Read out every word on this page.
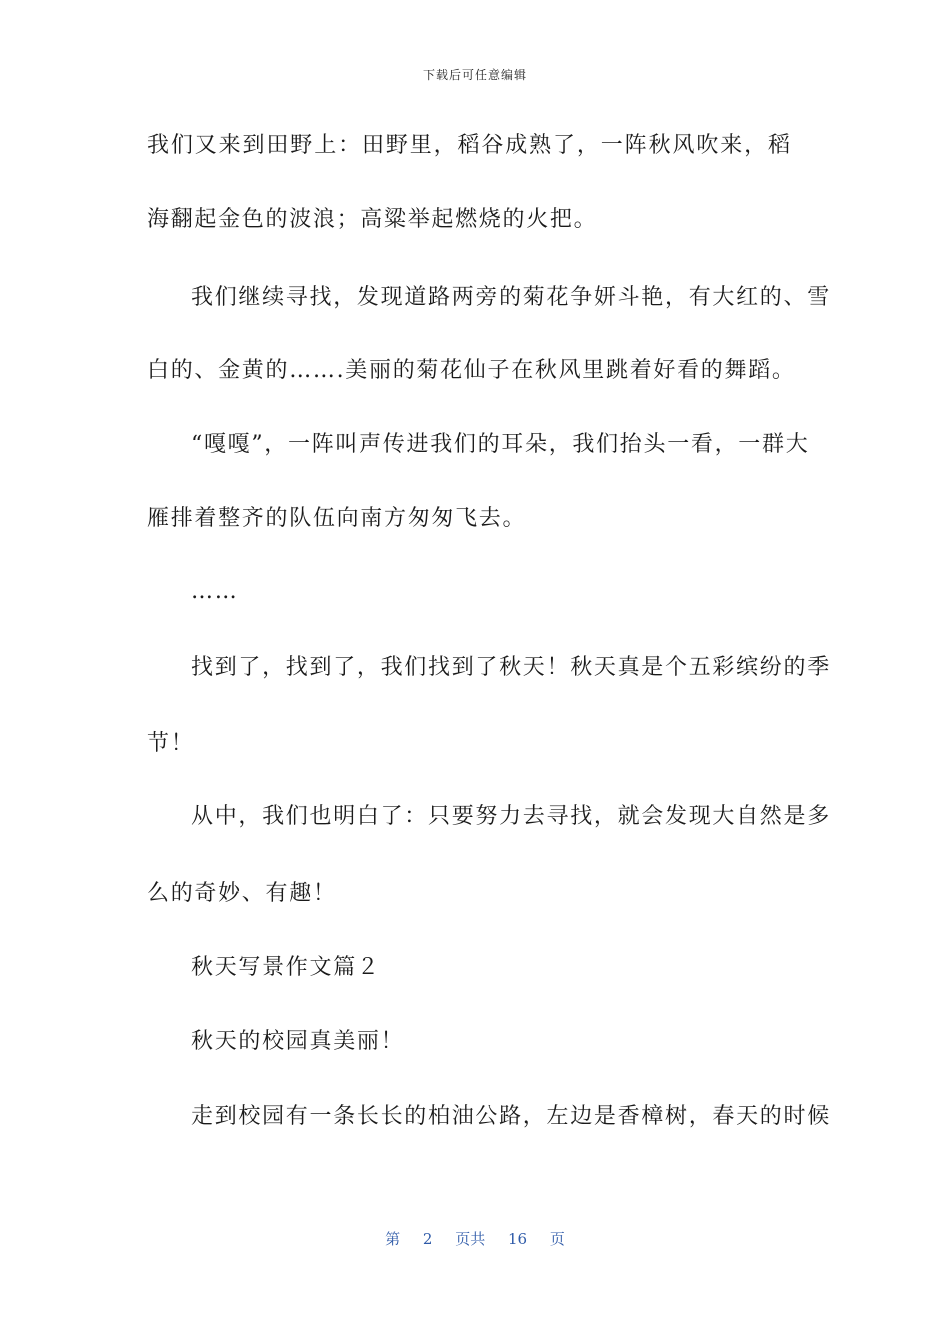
下载后可任意编辑
我们又来到田野上：田野里，稻谷成熟了，一阵秋风吹来，稻
海翻起金色的波浪；高粱举起燃烧的火把。
我们继续寻找，发现道路两旁的菊花争妍斗艳，有大红的、雪
白的、金黄的…….美丽的菊花仙子在秋风里跳着好看的舞蹈。
“嘎嘎”，一阵叫声传进我们的耳朵，我们抬头一看，一群大
雁排着整齐的队伍向南方匆匆飞去。
……
找到了，找到了，我们找到了秋天！秋天真是个五彩缤纷的季
节！
从中，我们也明白了：只要努力去寻找，就会发现大自然是多
么的奇妙、有趣！
秋天写景作文篇２
秋天的校园真美丽！
走到校园有一条长长的柏油公路，左边是香樟树，春天的时候
第 2 页共 16 页
